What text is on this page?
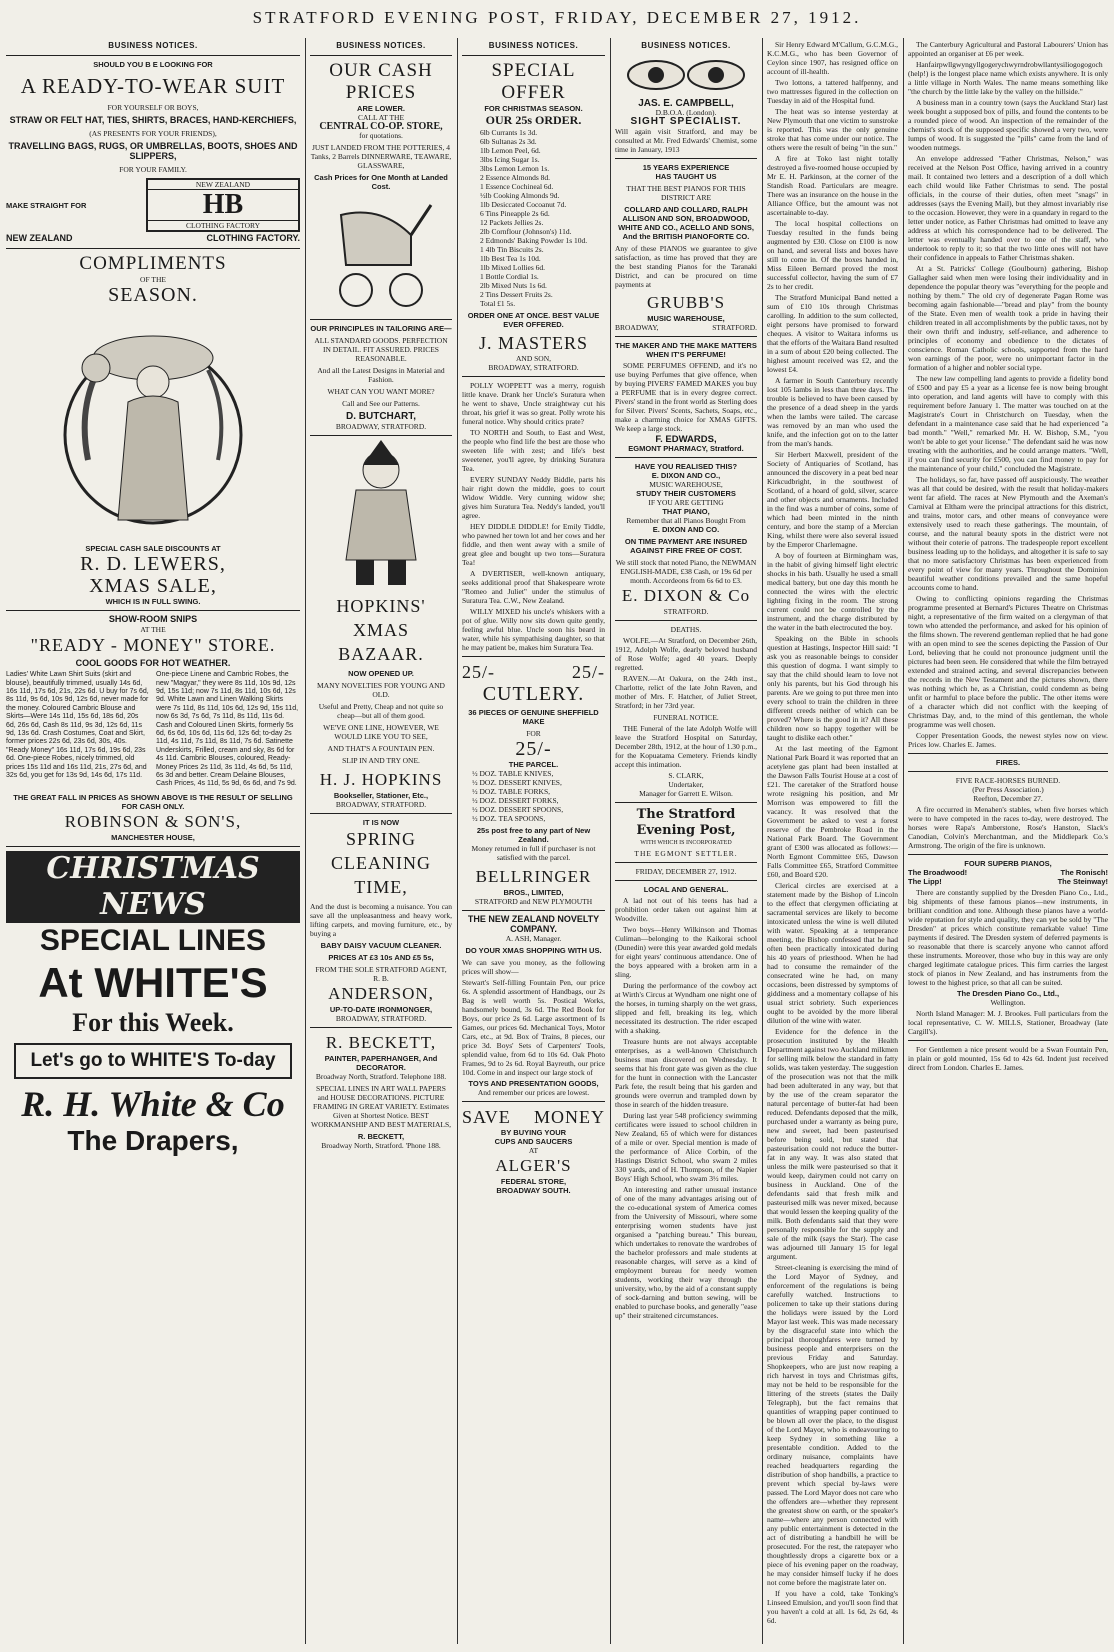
STRATFORD EVENING POST, FRIDAY, DECEMBER 27, 1912.
BUSINESS NOTICES.
SHOULD YOU B E LOOKING FOR
A READY-TO-WEAR SUIT
FOR YOURSELF OR BOYS,
STRAW OR FELT HAT, TIES, SHIRTS, BRACES, HAND-KERCHIEFS,
(AS PRESENTS FOR YOUR FRIENDS),
TRAVELLING BAGS, RUGS, OR UMBRELLAS, BOOTS, SHOES AND SLIPPERS,
FOR YOUR FAMILY.
MAKE STRAIGHT FOR
NEW ZEALAND
HB
CLOTHING FACTORY
NEW ZEALAND	CLOTHING FACTORY.
COMPLIMENTS
OF THE
SEASON.
SPECIAL CASH SALE DISCOUNTS AT
R. D. LEWERS,
XMAS SALE,
WHICH IS IN FULL SWING.
SHOW-ROOM SNIPS
AT THE
"READY - MONEY" STORE.
COOL GOODS FOR HOT WEATHER.
Ladies' White Lawn Shirt Suits (skirt and blouse), beautifully trimmed, usually 14s 6d, 16s 11d, 17s 6d, 21s, 22s 6d. U buy for 7s 6d, 8s 11d, 9s 6d, 10s 9d, 12s 6d, never made for the money. Coloured Cambric Blouse and Skirts—Were 14s 11d, 15s 6d, 18s 6d, 20s 6d, 26s 6d, Cash 8s 11d, 9s 3d, 12s 6d, 11s 9d, 13s 6d. Crash Costumes, Coat and Skirt, former prices 22s 6d, 23s 6d, 30s, 40s. "Ready Money" 16s 11d, 17s 6d, 19s 6d, 23s 6d. One-piece Robes, nicely trimmed, old prices 15s 11d and 16s 11d, 21s, 27s 6d, and 32s 6d, you get for 13s 9d, 14s 6d, 17s 11d.
One-piece Linene and Cambric Robes, the new "Magyar," they were 8s 11d, 10s 9d, 12s 9d, 15s 11d; now 7s 11d, 8s 11d, 10s 6d, 12s 9d. White Lawn and Linen Walking Skirts were 7s 11d, 8s 11d, 10s 6d, 12s 9d, 15s 11d, now 6s 3d, 7s 6d, 7s 11d, 8s 11d, 11s 6d. Cash and Coloured Linen Skirts, formerly 5s 6d, 6s 6d, 10s 6d, 11s 6d, 12s 6d; to-day 2s 11d, 4s 11d, 7s 11d, 8s 11d, 7s 6d. Satinette Underskirts, Frilled, cream and sky, 8s 6d for 4s 11d. Cambric Blouses, coloured, Ready-Money Prices 2s 11d, 3s 11d, 4s 6d, 5s 11d, 6s 3d and better. Cream Delaine Blouses, Cash Prices, 4s 11d, 5s 9d, 6s 6d, and 7s 9d.
THE GREAT FALL IN PRICES AS SHOWN ABOVE IS THE RESULT OF SELLING FOR CASH ONLY.
ROBINSON & SON'S,
MANCHESTER HOUSE,
CHRISTMAS NEWS
SPECIAL LINES
At WHITE'S
For this Week.
Let's go to WHITE'S To-day
R. H. White & Co
The Drapers,
BUSINESS NOTICES.
OUR CASH PRICES
ARE LOWER.
CALL AT THE
CENTRAL CO-OP. STORE,
for quotations.
JUST LANDED FROM THE POTTERIES, 4 Tanks, 2 Barrels DINNERWARE, TEAWARE, GLASSWARE,
Cash Prices for One Month at Landed Cost.
OUR PRINCIPLES IN TAILORING ARE—
ALL STANDARD GOODS. PERFECTION IN DETAIL. FIT ASSURED. PRICES REASONABLE.
And all the Latest Designs in Material and Fashion.
WHAT CAN YOU WANT MORE?
Call and See our Patterns.
D. BUTCHART,
BROADWAY, STRATFORD.
HOPKINS' XMAS BAZAAR.
NOW OPENED UP.
MANY NOVELTIES FOR YOUNG AND OLD.
Useful and Pretty, Cheap and not quite so cheap—but all of them good.
WE'VE ONE LINE, HOWEVER, WE WOULD LIKE YOU TO SEE,
AND THAT'S A FOUNTAIN PEN.
SLIP IN AND TRY ONE.
H. J. HOPKINS
Bookseller, Stationer, Etc.,
BROADWAY, STRATFORD.
IT IS NOW
SPRING CLEANING TIME,
And the dust is becoming a nuisance. You can save all the unpleasantness and heavy work, lifting carpets, and moving furniture, etc., by buying a
BABY DAISY VACUUM CLEANER.
PRICES AT £3 10s AND £5 5s,
FROM THE SOLE STRATFORD AGENT,
R. B.
ANDERSON,
UP-TO-DATE IRONMONGER,
BROADWAY, STRATFORD.
R. BECKETT,
PAINTER, PAPERHANGER, And DECORATOR.
Broadway North, Stratford. Telephone 188.
SPECIAL LINES IN ART WALL PAPERS and HOUSE DECORATIONS. PICTURE FRAMING IN GREAT VARIETY. Estimates Given at Shortest Notice. BEST WORKMANSHIP AND BEST MATERIALS,
R. BECKETT,
Broadway North, Stratford. 'Phone 188.
BUSINESS NOTICES.
SPECIAL OFFER
FOR CHRISTMAS SEASON.
OUR 25s ORDER.
6lb Currants 1s 3d.
6lb Sultanas 2s 3d.
1lb Lemon Peel, 6d.
3lbs Icing Sugar 1s.
3lbs Lemon Lemon 1s.
2 Essence Almonds 8d.
1 Essence Cochineal 6d.
½lb Cooking Almonds 9d.
1lb Desiccated Cocoanut 7d.
6 Tins Pineapple 2s 6d.
12 Packets Jellies 2s.
2lb Cornflour (Johnson's) 11d.
2 Edmonds' Baking Powder 1s 10d.
1 4lb Tin Biscuits 2s.
1lb Best Tea 1s 10d.
1lb Mixed Lollies 6d.
1 Bottle Cordial 1s.
2lb Mixed Nuts 1s 6d.
2 Tins Dessert Fruits 2s.
Total £1 5s.
ORDER ONE AT ONCE. BEST VALUE EVER OFFERED.
J. MASTERS
AND SON,
BROADWAY, STRATFORD.
POLLY WOPPETT was a merry, roguish little knave. Drank her Uncle's Suratura when he went to shave, Uncle straightway cut his throat, his grief it was so great. Polly wrote his funeral notice. Why should critics prate?
TO NORTH and South, to East and West, the people who find life the best are those who sweeten life with zest; and life's best sweetener, you'll agree, by drinking Suratura Tea.
EVERY SUNDAY Neddy Biddle, parts his hair right down the middle, goes to court Widow Widdle. Very cunning widow she; gives him Suratura Tea. Neddy's landed, you'll agree.
HEY DIDDLE DIDDLE! for Emily Tiddle, who pawned her town lot and her cows and her fiddle, and then went away with a smile of great glee and bought up two tons—Suratura Tea!
A DVERTISER, well-known antiquary, seeks additional proof that Shakespeare wrote "Romeo and Juliet" under the stimulus of Suratura Tea. C.W., New Zealand.
WILLY MIXED his uncle's whiskers with a pot of glue. Willy now sits down quite gently, feeling awful blue. Uncle soon his beard in water, while his sympathising daughter, so that he may patient be, makes him Suratura Tea.
25/-	25/-
CUTLERY.
36 PIECES OF GENUINE SHEFFIELD MAKE
FOR
25/-
THE PARCEL.
½ DOZ. TABLE KNIVES,
½ DOZ. DESSERT KNIVES,
½ DOZ. TABLE FORKS,
½ DOZ. DESSERT FORKS,
½ DOZ. DESSERT SPOONS,
½ DOZ. TEA SPOONS,
25s post free to any part of New Zealand.
Money returned in full if purchaser is not satisfied with the parcel.
BELLRINGER
BROS., LIMITED,
STRATFORD and NEW PLYMOUTH
THE NEW ZEALAND NOVELTY COMPANY.
A. ASH, Manager.
DO YOUR XMAS SHOPPING WITH US.
We can save you money, as the following prices will show—
Stewart's Self-filling Fountain Pen, our price 6s. A splendid assortment of Handbags, our 2s Bag is well worth 5s. Postical Works, handsomely bound, 3s 6d. The Red Book for Boys, our price 2s 6d. Large assortment of Is Games, our prices 6d. Mechanical Toys, Motor Cars, etc., at 9d. Box of Trains, 8 pieces, our price 3d. Boys' Sets of Carpenters' Tools, splendid value, from 6d to 10s 6d. Oak Photo Frames, 9d to 2s 6d. Royal Bayreuth, our price 10d. Come in and inspect our large stock of
TOYS AND PRESENTATION GOODS,
And remember our prices are lowest.
SAVE MONEY
BY BUYING YOUR
CUPS AND SAUCERS
AT
ALGER'S
FEDERAL STORE,
BROADWAY SOUTH.
BUSINESS NOTICES.
JAS. E. CAMPBELL,
D.B.O.A. (London).
SIGHT SPECIALIST.
Will again visit Stratford, and may be consulted at Mr. Fred Edwards' Chemist, some time in January, 1913
15 YEARS EXPERIENCE
HAS TAUGHT US
THAT THE BEST PIANOS FOR THIS DISTRICT ARE
COLLARD AND COLLARD, RALPH ALLISON AND SON, BROADWOOD, WHITE AND CO., ACELLO AND SONS, And the BRITISH PIANOFORTE CO.
Any of these PIANOS we guarantee to give satisfaction, as time has proved that they are the best standing Pianos for the Taranaki District, and can be procured on time payments at
GRUBB'S
MUSIC WAREHOUSE,
BROADWAY,	STRATFORD.
THE MAKER AND THE MAKE MATTERS WHEN IT'S PERFUME!
SOME PERFUMES OFFEND, and it's no use buying Perfumes that give offence, when by buying PIVERS' FAMED MAKES you buy a PERFUME that is in every degree correct. Pivers' stand in the front world as Sterling does for Silver. Pivers' Scents, Sachets, Soaps, etc., make a charming choice for XMAS GIFTS. We keep a large stock.
F. EDWARDS,
EGMONT PHARMACY, Stratford.
HAVE YOU REALISED THIS?
E. DIXON AND CO.,
MUSIC WAREHOUSE,
STUDY THEIR CUSTOMERS
IF YOU ARE GETTING
THAT PIANO,
Remember that all Pianos Bought From
E. DIXON AND CO.
ON TIME PAYMENT ARE INSURED AGAINST FIRE FREE OF COST.
We still stock that noted Piano, the NEWMAN ENGLISH-MADE, £38 Cash, or 19s 6d per month. Accordeons from 6s 6d to £3.
E. DIXON & Co
STRATFORD.
DEATHS.
WOLFE.—At Stratford, on December 26th, 1912, Adolph Wolfe, dearly beloved husband of Rose Wolfe; aged 40 years. Deeply regretted.
RAVEN.—At Oakura, on the 24th inst., Charlotte, relict of the late John Raven, and mother of Mrs. F. Hatcher, of Juliet Street, Stratford; in her 73rd year.
FUNERAL NOTICE.
THE Funeral of the late Adolph Wolfe will leave the Stratford Hospital on Saturday, December 28th, 1912, at the hour of 1.30 p.m., for the Kopuatama Cemetery. Friends kindly accept this intimation.
S. CLARK,
Undertaker,
Manager for Garrett E. Wilson.
The Stratford Evening Post,
WITH WHICH IS INCORPORATED
THE EGMONT SETTLER.
FRIDAY, DECEMBER 27, 1912.
LOCAL AND GENERAL.
A lad not out of his teens has had a prohibition order taken out against him at Woodville.
Two boys—Henry Wilkinson and Thomas Culiman—belonging to the Kaikorai school (Dunedin) were this year awarded gold medals for eight years' continuous attendance. One of the boys appeared with a broken arm in a sling.
During the performance of the cowboy act at Wirth's Circus at Wyndham one night one of the horses, in turning sharply on the wet grass, slipped and fell, breaking its leg, which necessitated its destruction. The rider escaped with a shaking.
Treasure hunts are not always acceptable enterprises, as a well-known Christchurch business man discovered on Wednesday. It seems that his front gate was given as the clue for the hunt in connection with the Lancaster Park fete, the result being that his garden and grounds were overrun and trampled down by those in search of the hidden treasure.
During last year 548 proficiency swimming certificates were issued to school children in New Zealand, 65 of which were for distances of a mile or over. Special mention is made of the performance of Alice Corbin, of the Hastings District School, who swam 2 miles 330 yards, and of H. Thompson, of the Napier Boys' High School, who swam 3½ miles.
An interesting and rather unusual instance of one of the many advantages arising out of the co-educational system of America comes from the University of Missouri, where some enterprising women students have just organised a "patching bureau." This bureau, which undertakes to renovate the wardrobes of the bachelor professors and male students at reasonable charges, will serve as a kind of employment bureau for needy women students, working their way through the university, who, by the aid of a constant supply of sock-darning and button sewing, will be enabled to purchase books, and generally "ease up" their straitened circumstances.
Sir Henry Edward M'Callum, G.C.M.G., K.C.M.G., who has been Governor of Ceylon since 1907, has resigned office on account of ill-health.
Two lottons, a tattered halfpenny, and two mattresses figured in the collection on Tuesday in aid of the Hospital fund.
The heat was so intense yesterday at New Plymouth that one victim to sunstroke is reported. This was the only genuine stroke that has come under our notice. The others were the result of being "in the sun."
A fire at Toko last night totally destroyed a five-roomed house occupied by Mr E. H. Parkinson, at the corner of the Standish Road. Particulars are meagre. There was an insurance on the house in the Alliance Office, but the amount was not ascertainable to-day.
The local hospital collections on Tuesday resulted in the funds being augmented by £30. Close on £100 is now on hand, and several lists and boxes have still to come in. Of the boxes handed in, Miss Eileen Bernard proved the most successful collector, having the sum of £7 2s to her credit.
The Stratford Municipal Band netted a sum of £10 10s through Christmas carolling. In addition to the sum collected, eight persons have promised to forward cheques. A visitor to Waitara informs us that the efforts of the Waitara Band resulted in a sum of about £20 being collected. The highest amount received was £2, and the lowest £4.
A farmer in South Canterbury recently lost 105 lambs in less than three days. The trouble is believed to have been caused by the presence of a dead sheep in the yards when the lambs were tailed. The carcase was removed by an man who used the knife, and the infection got on to the latter from the man's hands.
Sir Herbert Maxwell, president of the Society of Antiquaries of Scotland, has announced the discovery in a peat bed near Kirkcudbright, in the southwest of Scotland, of a hoard of gold, silver, scarce and other objects and ornaments. Included in the find was a number of coins, some of which had been minted in the ninth century, and bore the stamp of a Mercian King, whilst there were also several issued by the Emperor Charlemagne.
A boy of fourteen at Birmingham was, in the habit of giving himself light electric shocks in his bath. Usually he used a small medical battery, but one day this month he connected the wires with the electric lighting fixing in the room. The strong current could not be controlled by the instrument, and the charge distributed by the water in the bath electrocuted the boy.
Speaking on the Bible in schools question at Hastings, Inspector Hill said: "I ask you as reasonable beings to consider this question of dogma. I want simply to say that the child should learn to love not only his parents, but his God through his parents. Are we going to put three men into every school to train the children in three different creeds neither of which can be proved? Where is the good in it? All these children now so happy together will be taught to dislike each other."
At the last meeting of the Egmont National Park Board it was reported that an acetylene gas plant had been installed at the Dawson Falls Tourist House at a cost of £21. The caretaker of the Stratford house wrote resigning his position, and Mr Morrison was empowered to fill the vacancy. It was resolved that the Government be asked to vest a forest reserve of the Pembroke Road in the National Park Board. The Government grant of £300 was allocated as follows:—North Egmont Committee £65, Dawson Falls Committee £65, Stratford Committee £60, and Board £20.
Clerical circles are exercised at a statement made by the Bishop of Lincoln to the effect that clergymen officiating at sacramental services are likely to become intoxicated unless the wine is well diluted with water. Speaking at a temperance meeting, the Bishop confessed that he had often been practically intoxicated during his 40 years of priesthood. When he had had to consume the remainder of the consecrated wine he had, on many occasions, been distressed by symptoms of giddiness and a momentary collapse of his usual strict sobriety. Such experiences ought to be avoided by the more liberal dilution of the wine with water.
Evidence for the defence in the prosecution instituted by the Health Department against two Auckland milkmen for selling milk below the standard in fatty solids, was taken yesterday. The suggestion of the prosecution was not that the milk had been adulterated in any way, but that by the use of the cream separator the natural percentage of butter-fat had been reduced. Defendants deposed that the milk, purchased under a warranty as being pure, new and sweet, had been pasteurised before being sold, but stated that pasteurisation could not reduce the butter-fat in any way. It was also stated that unless the milk were pasteurised so that it would keep, dairymen could not carry on business in Auckland. One of the defendants said that fresh milk and pasteurised milk was never mixed, because that would lessen the keeping quality of the milk. Both defendants said that they were personally responsible for the supply and sale of the milk (says the Star). The case was adjourned till January 15 for legal argument.
Street-cleaning is exercising the mind of the Lord Mayor of Sydney, and enforcement of the regulations is being carefully watched. Instructions to policemen to take up their stations during the holidays were issued by the Lord Mayor last week. This was made necessary by the disgraceful state into which the principal thoroughfares were turned by business people and enterprisers on the previous Friday and Saturday. Shopkeepers, who are just now reaping a rich harvest in toys and Christmas gifts, may not be held to be responsible for the littering of the streets (states the Daily Telegraph), but the fact remains that quantities of wrapping paper continued to be blown all over the place, to the disgust of the Lord Mayor, who is endeavouring to keep Sydney in something like a presentable condition. Added to the ordinary nuisance, complaints have reached headquarters regarding the distribution of shop handbills, a practice to prevent which special by-laws were passed. The Lord Mayor does not care who the offenders are—whether they represent the greatest show on earth, or the speaker's name—where any person connected with any public entertainment is detected in the act of distributing a handbill he will be prosecuted. For the rest, the ratepayer who thoughtlessly drops a cigarette box or a piece of his evening paper on the roadway, he may consider himself lucky if he does not come before the magistrate later on.
If you have a cold, take Tonking's Linseed Emulsion, and you'll soon find that you haven't a cold at all. 1s 6d, 2s 6d, 4s 6d.
The Canterbury Agricultural and Pastoral Labourers' Union has appointed an organiser at £6 per week.
Hanfairpwllgwyngyllgogerychwyrndrobwllantysiliogogogoch (help!) is the longest place name which exists anywhere. It is only a little village in North Wales. The name means something like "the church by the little lake by the valley on the hillside."
A business man in a country town (says the Auckland Star) last week bought a supposed box of pills, and found the contents to be a rounded piece of wood. An inspection of the remainder of the chemist's stock of the supposed specific showed a very two, were lumps of wood. It is suggested the "pills" came from the land of wooden nutmegs.
An envelope addressed "Father Christmas, Nelson," was received at the Nelson Post Office, having arrived in a country mail. It contained two letters and a description of a doll which each child would like Father Christmas to send. The postal officials, in the course of their duties, often meet "snags" in addresses (says the Evening Mail), but they almost invariably rise to the occasion. However, they were in a quandary in regard to the letter under notice, as Father Christmas had omitted to leave any address at which his correspondence had to be delivered. The letter was eventually handed over to one of the staff, who undertook to reply to it; so that the two little ones will not have their confidence in appeals to Father Christmas shaken.
At a St. Patricks' College (Goulbourn) gathering, Bishop Gallagher said when men were losing their individuality and in dependence the popular theory was "everything for the people and nothing by them." The old cry of degenerate Pagan Rome was becoming again fashionable—"bread and play" from the bounty of the State. Even men of wealth took a pride in having their children treated in all accomplishments by the public taxes, not by their own thrift and industry, self-reliance, and adherence to principles of economy and obedience to the dictates of conscience. Roman Catholic schools, supported from the hard won earnings of the poor, were no unimportant factor in the formation of a higher and nobler social type.
The new law compelling land agents to provide a fidelity bond of £500 and pay £5 a year as a license fee is now being brought into operation, and land agents will have to comply with this requirement before January 1. The matter was touched on at the Magistrate's Court in Christchurch on Tuesday, when the defendant in a maintenance case said that he had experienced "a bad month." "Well," remarked Mr. H. W. Bishop, S.M., "you won't be able to get your license." The defendant said he was now treating with the authorities, and he could arrange matters. "Well, if you can find security for £500, you can find money to pay for the maintenance of your child," concluded the Magistrate.
The holidays, so far, have passed off auspiciously. The weather was all that could be desired, with the result that holiday-makers went far afield. The races at New Plymouth and the Axeman's Carnival at Eltham were the principal attractions for this district, and trains, motor cars, and other means of conveyance were extensively used to reach these gatherings. The mountain, of course, and the natural beauty spots in the district were not without their coterie of patrons. The tradespeople report excellent business leading up to the holidays, and altogether it is safe to say that no more satisfactory Christmas has been experienced from every point of view for many years. Throughout the Dominion beautiful weather conditions prevailed and the same hopeful accounts come to hand.
Owing to conflicting opinions regarding the Christmas programme presented at Bernard's Pictures Theatre on Christmas night, a representative of the firm waited on a clergyman of that town who attended the performance, and asked for his opinion of the films shown. The reverend gentleman replied that he had gone with an open mind to see the scenes depicting the Passion of Our Lord, believing that he could not pronounce judgment until the pictures had been seen. He considered that while the film betrayed extended and strained acting, and several discrepancies between the records in the New Testament and the pictures shown, there was nothing which he, as a Christian, could condemn as being unfit or harmful to place before the public. The other items were of a character which did not conflict with the keeping of Christmas Day, and, to the mind of this gentleman, the whole programme was well chosen.
Copper Presentation Goods, the newest styles now on view. Prices low. Charles E. James.
FIRES.
FIVE RACE-HORSES BURNED.
(Per Press Association.)
Reefton, December 27.
A fire occurred in Menahen's stables, when five horses which were to have competed in the races to-day, were destroyed. The horses were Rapa's Amberstone, Rose's Hanston, Slack's Canodian, Colvin's Merchantman, and the Middlepark Co.'s Armstrong. The origin of the fire is unknown.
FOUR SUPERB PIANOS,
The Broadwood!	The Ronisch!
The Lipp!	The Steinway!
There are constantly supplied by the Dresden Piano Co., Ltd., big shipments of these famous pianos—new instruments, in brilliant condition and tone. Although these pianos have a world-wide reputation for style and quality, they can yet be sold by "The Dresden" at prices which constitute remarkable value! Time payments if desired. The Dresden system of deferred payments is so reasonable that there is scarcely anyone who cannot afford these instruments. Moreover, those who buy in this way are only charged legitimate catalogue prices. This firm carries the largest stock of pianos in New Zealand, and has instruments from the lowest to the highest price, so that all can be suited.
The Dresden Piano Co., Ltd.,
Wellington.
North Island Manager: M. J. Brookes. Full particulars from the local representative, C. W. MILLS, Stationer, Broadway (late Cargill's).
For Gentlemen a nice present would be a Swan Fountain Pen, in plain or gold mounted, 15s 6d to 42s 6d. Indent just received direct from London. Charles E. James.
